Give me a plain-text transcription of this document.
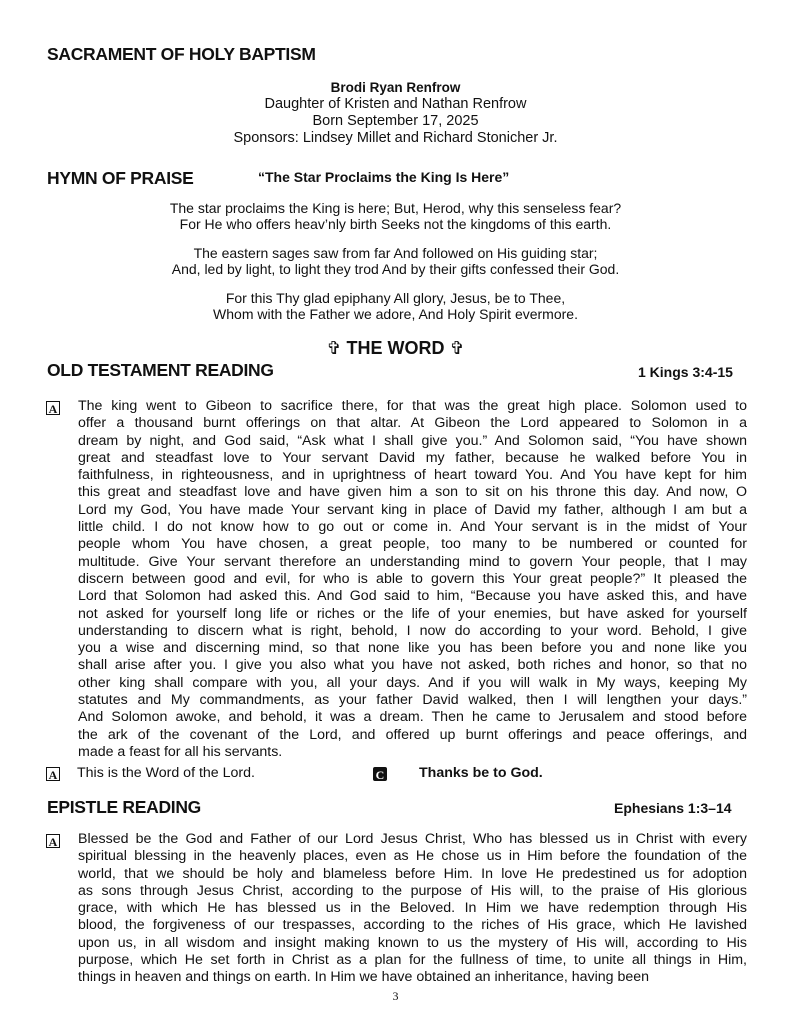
SACRAMENT OF HOLY BAPTISM
Brodi Ryan Renfrow
Daughter of Kristen and Nathan Renfrow
Born September 17, 2025
Sponsors: Lindsey Millet and Richard Stonicher Jr.
HYMN OF PRAISE	“The Star Proclaims the King Is Here”
The star proclaims the King is here; But, Herod, why this senseless fear?
For He who offers heav’nly birth Seeks not the kingdoms of this earth.
The eastern sages saw from far And followed on His guiding star;
And, led by light, to light they trod And by their gifts confessed their God.
For this Thy glad epiphany All glory, Jesus, be to Thee,
Whom with the Father we adore, And Holy Spirit evermore.
✞ THE WORD ✞
OLD TESTAMENT READING	1 Kings 3:4-15
A The king went to Gibeon to sacrifice there, for that was the great high place. Solomon used to
offer a thousand burnt offerings on that altar. At Gibeon the Lord appeared to Solomon in a
dream by night, and God said, “Ask what I shall give you.” And Solomon said, “You have shown
great and steadfast love to Your servant David my father, because he walked before You in
faithfulness, in righteousness, and in uprightness of heart toward You. And You have kept for him
this great and steadfast love and have given him a son to sit on his throne this day. And now, O
Lord my God, You have made Your servant king in place of David my father, although I am but a
little child. I do not know how to go out or come in. And Your servant is in the midst of Your
people whom You have chosen, a great people, too many to be numbered or counted for
multitude. Give Your servant therefore an understanding mind to govern Your people, that I may
discern between good and evil, for who is able to govern this Your great people?” It pleased the
Lord that Solomon had asked this. And God said to him, “Because you have asked this, and have
not asked for yourself long life or riches or the life of your enemies, but have asked for yourself
understanding to discern what is right, behold, I now do according to your word. Behold, I give
you a wise and discerning mind, so that none like you has been before you and none like you
shall arise after you. I give you also what you have not asked, both riches and honor, so that no
other king shall compare with you, all your days. And if you will walk in My ways, keeping My
statutes and My commandments, as your father David walked, then I will lengthen your days.”
And Solomon awoke, and behold, it was a dream. Then he came to Jerusalem and stood before
the ark of the covenant of the Lord, and offered up burnt offerings and peace offerings, and
made a feast for all his servants.
A This is the Word of the Lord.	C Thanks be to God.
EPISTLE READING	Ephesians 1:3–14
A Blessed be the God and Father of our Lord Jesus Christ, Who has blessed us in Christ with every
spiritual blessing in the heavenly places, even as He chose us in Him before the foundation of the
world, that we should be holy and blameless before Him. In love He predestined us for adoption
as sons through Jesus Christ, according to the purpose of His will, to the praise of His glorious
grace, with which He has blessed us in the Beloved. In Him we have redemption through His
blood, the forgiveness of our trespasses, according to the riches of His grace, which He lavished
upon us, in all wisdom and insight making known to us the mystery of His will, according to His
purpose, which He set forth in Christ as a plan for the fullness of time, to unite all things in Him,
things in heaven and things on earth. In Him we have obtained an inheritance, having been
3
